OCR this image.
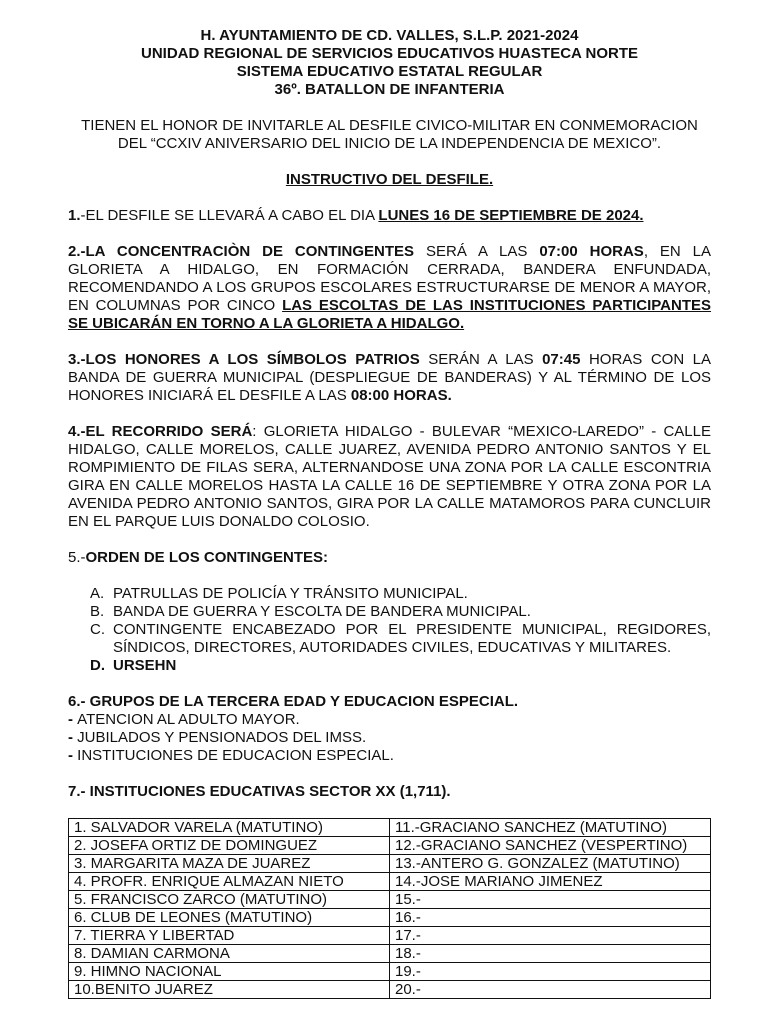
H. AYUNTAMIENTO DE CD. VALLES, S.L.P. 2021-2024

UNIDAD REGIONAL DE SERVICIOS EDUCATIVOS HUASTECA NORTE

SISTEMA EDUCATIVO ESTATAL REGULAR

36º. BATALLON DE INFANTERIA

TIENEN EL HONOR DE INVITARLE AL DESFILE CIVICO-MILITAR EN CONMEMORACION

DEL “CCXIV ANIVERSARIO DEL INICIO DE LA INDEPENDENCIA DE MEXICO”.

INSTRUCTIVO DEL DESFILE.

1.-EL DESFILE SE LLEVARÁ A CABO EL DIA LUNES 16 DE SEPTIEMBRE DE 2024.

2.-LA CONCENTRACIÒN DE CONTINGENTES SERÁ A LAS 07:00 HORAS, EN LA GLORIETA A HIDALGO, EN FORMACIÓN CERRADA, BANDERA ENFUNDADA, RECOMENDANDO A LOS GRUPOS ESCOLARES ESTRUCTURARSE DE MENOR A MAYOR, EN COLUMNAS POR CINCO LAS ESCOLTAS DE LAS INSTITUCIONES PARTICIPANTES SE UBICARÁN EN TORNO A LA GLORIETA A HIDALGO.

3.-LOS HONORES A LOS SÍMBOLOS PATRIOS SERÁN A LAS 07:45 HORAS CON LA BANDA DE GUERRA MUNICIPAL (DESPLIEGUE DE BANDERAS) Y AL TÉRMINO DE LOS HONORES INICIARÁ EL DESFILE A LAS 08:00 HORAS.

4.-EL RECORRIDO SERÁ: GLORIETA HIDALGO - BULEVAR “MEXICO-LAREDO” - CALLE HIDALGO, CALLE MORELOS, CALLE JUAREZ, AVENIDA PEDRO ANTONIO SANTOS Y EL ROMPIMIENTO DE FILAS SERA, ALTERNANDOSE UNA ZONA POR LA CALLE ESCONTRIA GIRA EN CALLE MORELOS HASTA LA CALLE 16 DE SEPTIEMBRE Y OTRA ZONA POR LA AVENIDA PEDRO ANTONIO SANTOS, GIRA POR LA CALLE MATAMOROS PARA CUNCLUIR EN EL PARQUE LUIS DONALDO COLOSIO.

5.-ORDEN DE LOS CONTINGENTES:

A. PATRULLAS DE POLICÍA Y TRÁNSITO MUNICIPAL.
B. BANDA DE GUERRA Y ESCOLTA DE BANDERA MUNICIPAL.
C. CONTINGENTE ENCABEZADO POR EL PRESIDENTE MUNICIPAL, REGIDORES, SÍNDICOS, DIRECTORES, AUTORIDADES CIVILES, EDUCATIVAS Y MILITARES.
D. URSEHN

6.- GRUPOS DE LA TERCERA EDAD Y EDUCACION ESPECIAL.

- ATENCION AL ADULTO MAYOR.

- JUBILADOS Y PENSIONADOS DEL IMSS.

- INSTITUCIONES DE EDUCACION ESPECIAL.

7.- INSTITUCIONES EDUCATIVAS SECTOR XX (1,711).

1. SALVADOR VARELA (MATUTINO)	11.-GRACIANO SANCHEZ (MATUTINO)
2. JOSEFA ORTIZ DE DOMINGUEZ	12.-GRACIANO SANCHEZ (VESPERTINO)
3. MARGARITA MAZA DE JUAREZ	13.-ANTERO G. GONZALEZ (MATUTINO)
4. PROFR. ENRIQUE ALMAZAN NIETO	14.-JOSE MARIANO JIMENEZ
5. FRANCISCO ZARCO (MATUTINO)	15.-
6. CLUB DE LEONES (MATUTINO)	16.-
7. TIERRA Y LIBERTAD	17.-
8. DAMIAN CARMONA	18.-
9. HIMNO NACIONAL	19.-
10.BENITO JUAREZ	20.-
